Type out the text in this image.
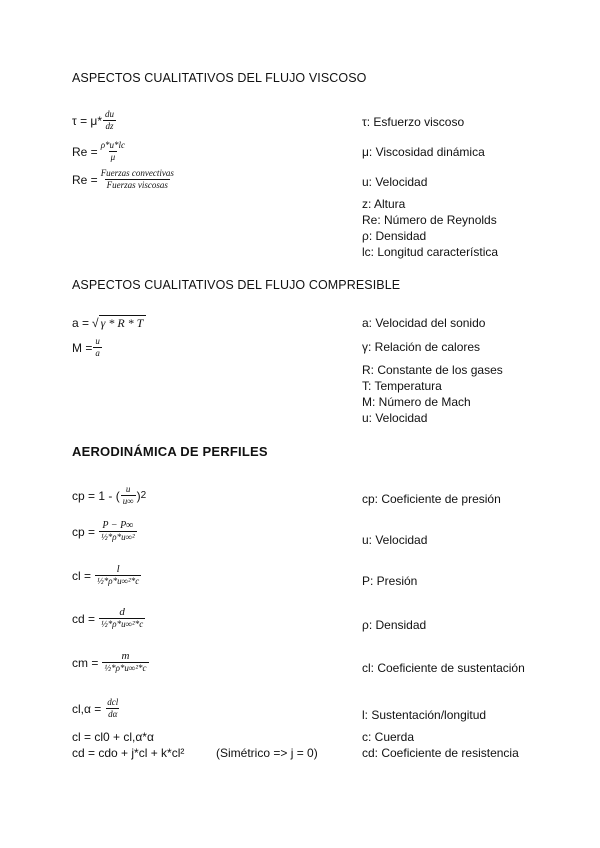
ASPECTOS CUALITATIVOS DEL FLUJO VISCOSO
$\tau = \mu* \frac{du}{dz}$
$Re = \frac{\rho*u*lc}{\mu}$
$Re = \frac{\text{Fuerzas convectivas}}{\text{Fuerzas viscosas}}$
τ: Esfuerzo viscoso
μ: Viscosidad dinámica
u: Velocidad
z: Altura
Re: Número de Reynolds
ρ: Densidad
lc: Longitud característica
ASPECTOS CUALITATIVOS DEL FLUJO COMPRESIBLE
a = √ γ * R * T
$M = \frac{u}{a}$
a: Velocidad del sonido
γ: Relación de calores
R: Constante de los gases
T: Temperatura
M: Número de Mach
u: Velocidad
AERODINÁMICA DE PERFILES
cp = 1 - ( $\frac{u}{u\infty}$ ) 2
cp = $\frac{P - P\infty}{\text{½*ρ*u∞²}}$
cl = $\frac{l}{\text{½*ρ*u∞²*c}}$
cd = $\frac{d}{\text{½*ρ*u∞²*c}}$
cm = $\frac{m}{\text{½*ρ*u∞²*c}}$
$cl,\alpha = \frac{\text{dcl}}{d\alpha}$
cl = cl0 + cl,α*α
cd = cdo + j*cl + k*cl²	(Simétrico => j = 0)
cp: Coeficiente de presión
u: Velocidad
P: Presión
ρ: Densidad
cl: Coeficiente de sustentación
l: Sustentación/longitud
c: Cuerda
cd: Coeficiente de resistencia
